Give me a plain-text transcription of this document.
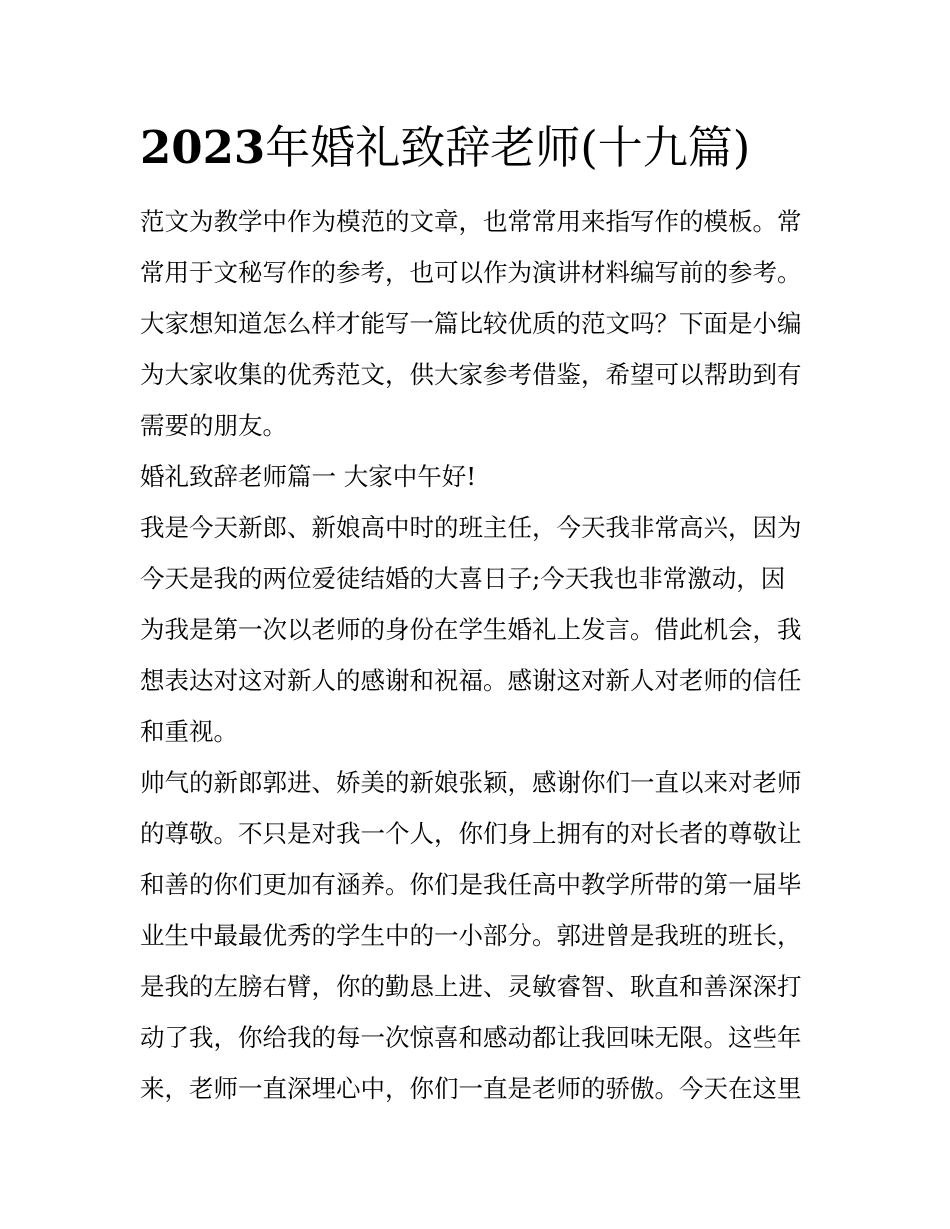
2023年婚礼致辞老师(十九篇)
范文为教学中作为模范的文章，也常常用来指写作的模板。常
常用于文秘写作的参考，也可以作为演讲材料编写前的参考。
大家想知道怎么样才能写一篇比较优质的范文吗？下面是小编
为大家收集的优秀范文，供大家参考借鉴，希望可以帮助到有
需要的朋友。
婚礼致辞老师篇一 大家中午好!
我是今天新郎、新娘高中时的班主任，今天我非常高兴，因为
今天是我的两位爱徒结婚的大喜日子;今天我也非常激动，因
为我是第一次以老师的身份在学生婚礼上发言。借此机会，我
想表达对这对新人的感谢和祝福。感谢这对新人对老师的信任
和重视。
帅气的新郎郭进、娇美的新娘张颖，感谢你们一直以来对老师
的尊敬。不只是对我一个人，你们身上拥有的对长者的尊敬让
和善的你们更加有涵养。你们是我任高中教学所带的第一届毕
业生中最最优秀的学生中的一小部分。郭进曾是我班的班长，
是我的左膀右臂，你的勤恳上进、灵敏睿智、耿直和善深深打
动了我，你给我的每一次惊喜和感动都让我回味无限。这些年
来，老师一直深埋心中，你们一直是老师的骄傲。今天在这里
